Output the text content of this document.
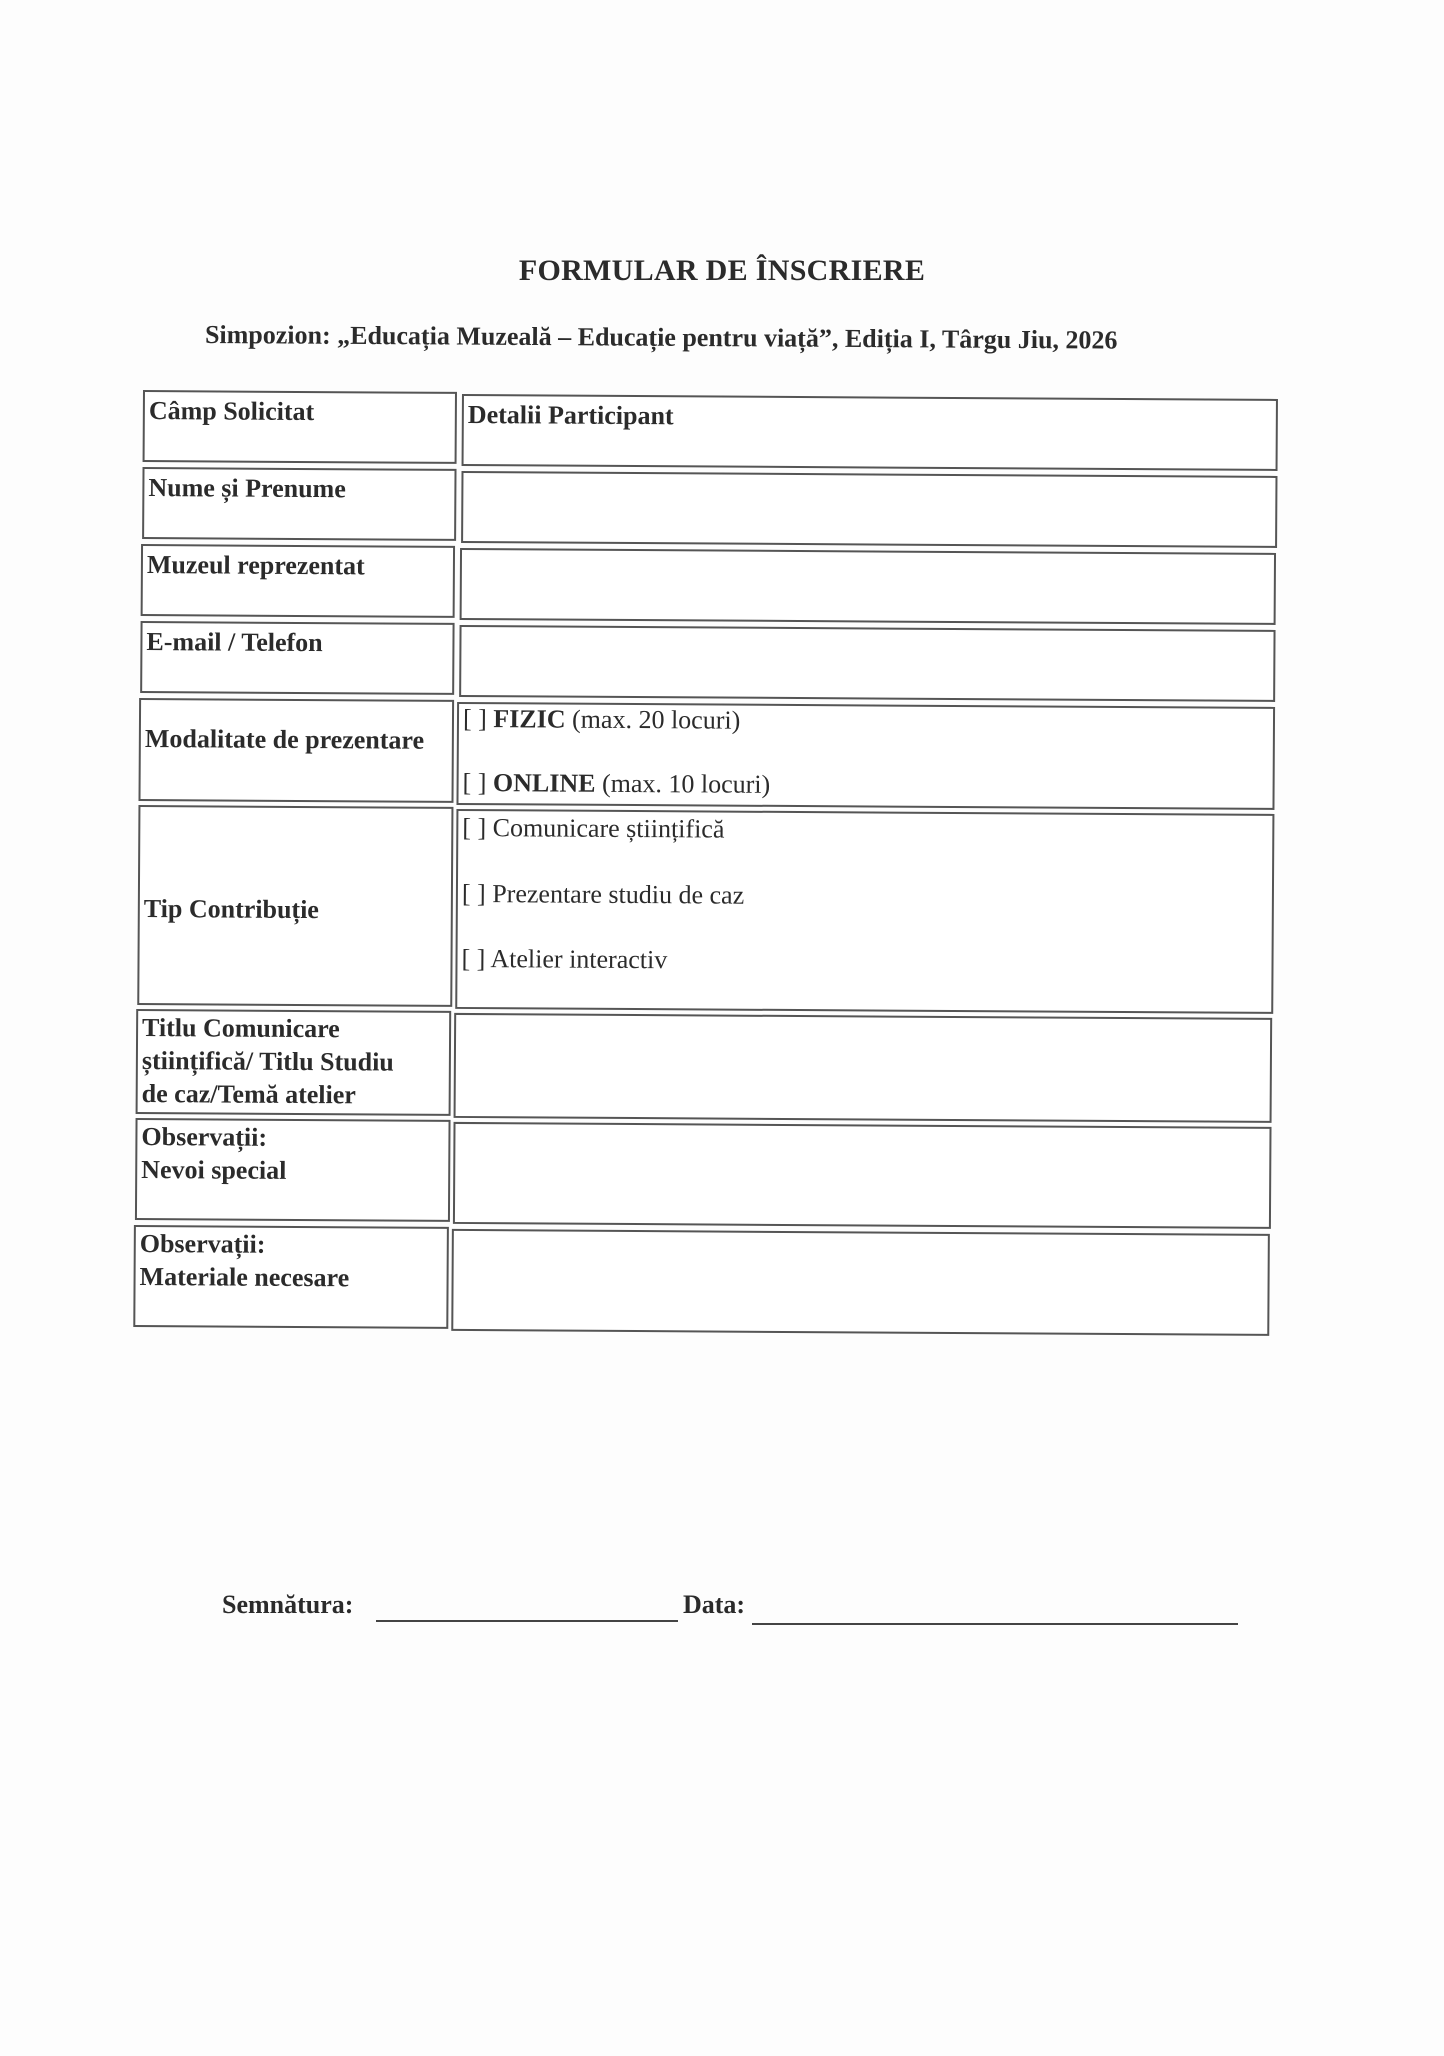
FORMULAR DE ÎNSCRIERE
Simpozion: „Educația Muzeală – Educație pentru viață”, Ediția I, Târgu Jiu, 2026
Câmp Solicitat	Detalii Participant
Nume și Prenume
Muzeul reprezentat
E-mail / Telefon
Modalitate de prezentare
[ ] FIZIC (max. 20 locuri)
[ ] ONLINE (max. 10 locuri)
Tip Contribuție
[ ] Comunicare științifică
[ ] Prezentare studiu de caz
[ ] Atelier interactiv
Titlu Comunicare
științifică/ Titlu Studiu
de caz/Temă atelier
Observații:
Nevoi special
Observații:
Materiale necesare
Semnătura:	Data:
